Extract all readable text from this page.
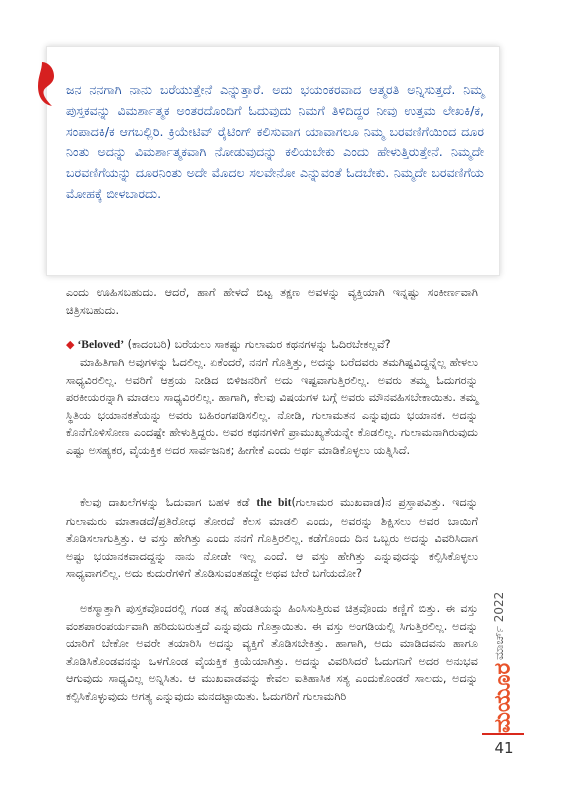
ಜನ ನನಗಾಗಿ ನಾನು ಬರೆಯುತ್ತೇನೆ ಎನ್ನುತ್ತಾರೆ. ಅದು ಭಯಂಕರವಾದ ಆತ್ಮರತಿ ಅನ್ನಿಸುತ್ತದೆ. ನಿಮ್ಮ ಪುಸ್ತಕವನ್ನು ವಿಮರ್ಶಾತ್ಮಕ ಅಂತರದೊಂದಿಗೆ ಓದುವುದು ನಿಮಗೆ ತಿಳಿದಿದ್ದರ ನೀವು ಉತ್ತಮ ಲೇಖಕಿ/ಕ, ಸಂಪಾದಕಿ/ಕ ಆಗಬಲ್ಲಿರಿ. ಕ್ರಿಯೇಟಿವ್ ರೈಟಿಂಗ್ ಕಲಿಸುವಾಗ ಯಾವಾಗಲೂ ನಿಮ್ಮ ಬರವಣಿಗೆಯಿಂದ ದೂರ ನಿಂತು ಅದನ್ನು ವಿಮರ್ಶಾತ್ಮಕವಾಗಿ ನೋಡುವುದನ್ನು ಕಲಿಯಬೇಕು ಎಂದು ಹೇಳುತ್ತಿರುತ್ತೇನೆ. ನಿಮ್ಮದೇ ಬರವಣಿಗೆಯನ್ನು ದೂರನಿಂತು ಅದೇ ಮೊದಲ ಸಲವೇನೋ ಎನ್ನುವಂತೆ ಓದಬೇಕು. ನಿಮ್ಮದೇ ಬರವಣಿಗೆಯ ಮೋಹಕ್ಕೆ ಬೀಳಬಾರದು.

ಎಂದು ಊಹಿಸಬಹುದು. ಆದರೆ, ಹಾಗೆ ಹೇಳದೆ ಬಿಟ್ಟ ತಕ್ಷಣ ಅವಳನ್ನು ವ್ಯಕ್ತಿಯಾಗಿ ಇನ್ನಷ್ಟು ಸಂಕೀರ್ಣವಾಗಿ ಚಿತ್ರಿಸಬಹುದು.

◆ ‘Beloved’ (ಕಾದಂಬರಿ) ಬರೆಯಲು ಸಾಕಷ್ಟು ಗುಲಾಮರ ಕಥನಗಳನ್ನು ಓದಿರಬೇಕಲ್ಲವೆ?

ಮಾಹಿತಿಗಾಗಿ ಅವುಗಳನ್ನು ಓದಲಿಲ್ಲ. ಏಕೆಂದರೆ, ನನಗೆ ಗೊತ್ತಿತ್ತು, ಅದನ್ನು ಬರೆದವರು ತಮಗಿಷ್ಟವಿದ್ದನ್ನೆಲ್ಲ ಹೇಳಲು ಸಾಧ್ಯವಿರಲಿಲ್ಲ. ಅವರಿಗೆ ಆಶ್ರಯ ನೀಡಿದ ಬಿಳಿಜನರಿಗೆ ಅದು ಇಷ್ಟವಾಗುತ್ತಿರಲಿಲ್ಲ. ಅವರು ತಮ್ಮ ಓದುಗರನ್ನು ಪರಕೀಯರನ್ನಾಗಿ ಮಾಡಲು ಸಾಧ್ಯವಿರಲಿಲ್ಲ. ಹಾಗಾಗಿ, ಕೆಲವು ವಿಷಯಗಳ ಬಗ್ಗೆ ಅವರು ಮೌನವಹಿಸಬೇಕಾಯಿತು. ತಮ್ಮ ಸ್ಥಿತಿಯ ಭಯಾನಕತೆಯನ್ನು ಅವರು ಬಹಿರಂಗಪಡಿಸಲಿಲ್ಲ. ನೋಡಿ, ಗುಲಾಮತನ ಎನ್ನುವುದು ಭಯಾನಕ. ಅದನ್ನು ಕೊನೆಗೊಳಿಸೋಣ ಎಂದಷ್ಟೇ ಹೇಳುತ್ತಿದ್ದರು. ಅವರ ಕಥನಗಳಿಗೆ ಪ್ರಾಮುಖ್ಯತೆಯನ್ನೇ ಕೊಡಲಿಲ್ಲ. ಗುಲಾಮನಾಗಿರುವುದು ಎಷ್ಟು ಅಸಹ್ಯಕರ, ವೈಯಕ್ತಿಕ ಅದರ ಸಾರ್ವಜನಿಕ; ಹೀಗೇಕೆ ಎಂದು ಅರ್ಥ ಮಾಡಿಕೊಳ್ಳಲು ಯತ್ನಿಸಿದೆ.

ಕೆಲವು ದಾಖಲೆಗಳನ್ನು ಓದುವಾಗ ಬಹಳ ಕಡೆ the bit(ಗುಲಾಮರ ಮುಖವಾಡ)ನ ಪ್ರಸ್ತಾಪವಿತ್ತು. ಇದನ್ನು ಗುಲಾಮರು ಮಾತಾಡದೆ/ಪ್ರತಿರೋಧ ತೋರದೆ ಕೆಲಸ ಮಾಡಲಿ ಎಂದು, ಅವರನ್ನು ಶಿಕ್ಷಿಸಲು ಅವರ ಬಾಯಿಗೆ ತೊಡಿಸಲಾಗುತ್ತಿತ್ತು. ಆ ವಸ್ತು ಹೇಗಿತ್ತು ಎಂದು ನನಗೆ ಗೊತ್ತಿರಲಿಲ್ಲ. ಕಡೆಗೊಂದು ದಿನ ಒಬ್ಬರು ಅದನ್ನು ವಿವರಿಸಿದಾಗ ಅಷ್ಟು ಭಯಾನಕವಾದದ್ದನ್ನು ನಾನು ನೋಡೇ ಇಲ್ಲ ಎಂದೆ. ಆ ವಸ್ತು ಹೇಗಿತ್ತು ಎನ್ನುವುದನ್ನು ಕಲ್ಪಿಸಿಕೊಳ್ಳಲು ಸಾಧ್ಯವಾಗಲಿಲ್ಲ. ಅದು ಕುದುರೆಗಳಿಗೆ ತೊಡಿಸುವಂತಹದ್ದೇ ಅಥವ ಬೇರೆ ಬಗೆಯದೋ?

ಅಕಸ್ಮಾತ್ತಾಗಿ ಪುಸ್ತಕವೊಂದರಲ್ಲಿ ಗಂಡ ತನ್ನ ಹೆಂಡತಿಯನ್ನು ಹಿಂಸಿಸುತ್ತಿರುವ ಚಿತ್ರವೊಂದು ಕಣ್ಣಿಗೆ ಬಿತ್ತು. ಈ ವಸ್ತು ವಂಶಪಾರಂಪರ್ಯವಾಗಿ ಹರಿದುಬರುತ್ತದೆ ಎನ್ನುವುದು ಗೊತ್ತಾಯಿತು. ಈ ವಸ್ತು ಅಂಗಡಿಯಲ್ಲಿ ಸಿಗುತ್ತಿರಲಿಲ್ಲ. ಅದನ್ನು ಯಾರಿಗೆ ಬೇಕೋ ಅವರೇ ತಯಾರಿಸಿ ಅದನ್ನು ವ್ಯಕ್ತಿಗೆ ತೊಡಿಸಬೇಕಿತ್ತು. ಹಾಗಾಗಿ, ಅದು ಮಾಡಿದವನು ಹಾಗೂ ತೊಡಿಸಿಕೊಂಡವನನ್ನು ಒಳಗೊಂಡ ವೈಯಕ್ತಿಕ ಕ್ರಿಯೆಯಾಗಿತ್ತು. ಅದನ್ನು ವಿವರಿಸಿದರೆ ಓದುಗನಿಗೆ ಅದರ ಅನುಭವ ಆಗುವುದು ಸಾಧ್ಯವಿಲ್ಲ ಅನ್ನಿಸಿತು. ಆ ಮುಖವಾಡವನ್ನು ಕೇವಲ ಐತಿಹಾಸಿಕ ಸತ್ಯ ಎಂದುಕೊಂಡರೆ ಸಾಲದು, ಅದನ್ನು ಕಲ್ಪಿಸಿಕೊಳ್ಳುವುದು ಅಗತ್ಯ ಎನ್ನುವುದು ಮನದಟ್ಟಾಯಿತು. ಓದುಗರಿಗೆ ಗುಲಾಮಗಿರಿ

ಮಾರ್ಚ್ 2022
ಮಯೂರ
41
